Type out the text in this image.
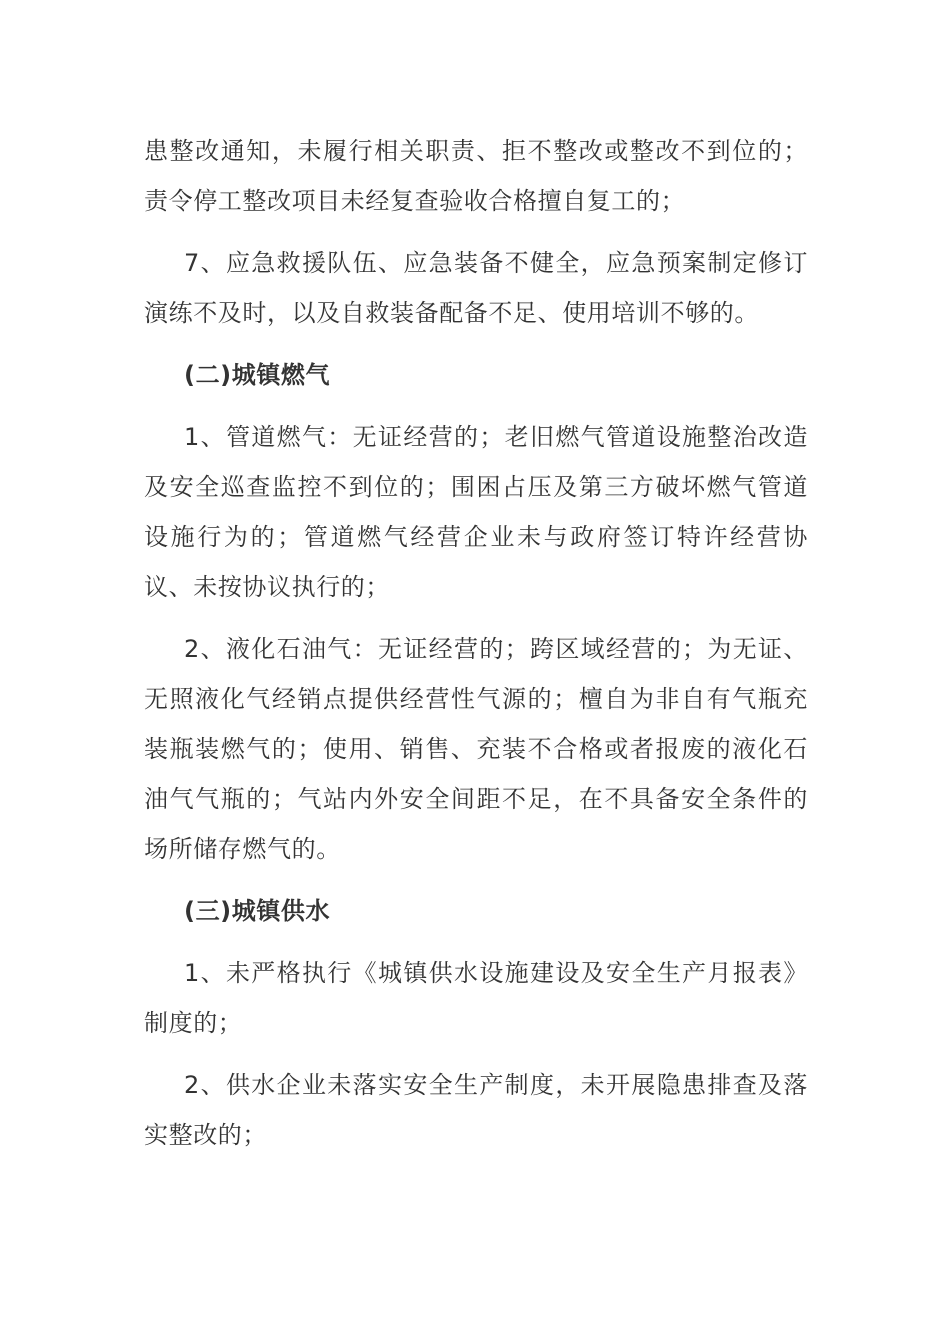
患整改通知，未履行相关职责、拒不整改或整改不到位的；责令停工整改项目未经复查验收合格擅自复工的；

7、应急救援队伍、应急装备不健全，应急预案制定修订演练不及时，以及自救装备配备不足、使用培训不够的。

(二)城镇燃气

1、管道燃气：无证经营的；老旧燃气管道设施整治改造及安全巡查监控不到位的；围困占压及第三方破坏燃气管道设施行为的；管道燃气经营企业未与政府签订特许经营协议、未按协议执行的；

2、液化石油气：无证经营的；跨区域经营的；为无证、无照液化气经销点提供经营性气源的；檀自为非自有气瓶充装瓶装燃气的；使用、销售、充装不合格或者报废的液化石油气气瓶的；气站内外安全间距不足，在不具备安全条件的场所储存燃气的。

(三)城镇供水

1、未严格执行《城镇供水设施建设及安全生产月报表》制度的；

2、供水企业未落实安全生产制度，未开展隐患排查及落实整改的；
